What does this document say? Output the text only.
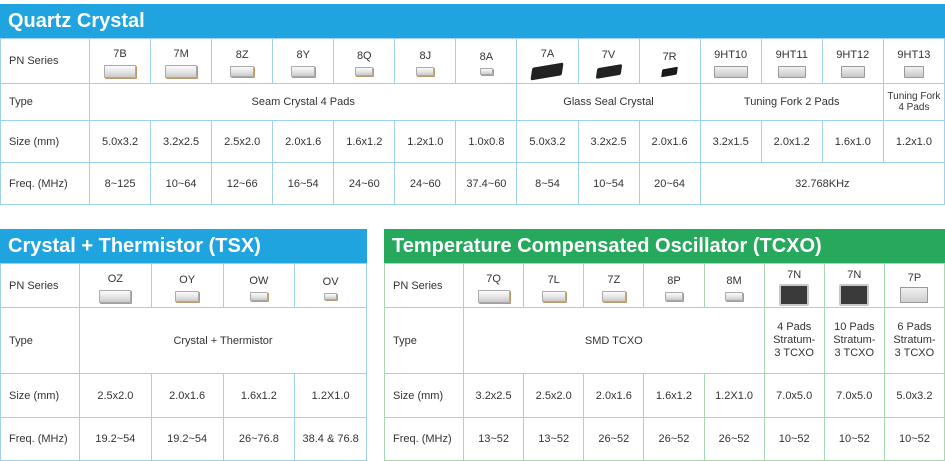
Quartz Crystal
PN Series	7B	7M	8Z	8Y	8Q	8J	8A	7A	7V	7R	9HT10	9HT11	9HT12	9HT13

Type	Seam Crystal 4 Pads							Glass Seal Crystal			Tuning Fork 2 Pads			Tuning Fork
4 Pads
Size (mm)	5.0x3.2	3.2x2.5	2.5x2.0	2.0x1.6	1.6x1.2	1.2x1.0	1.0x0.8	5.0x3.2	3.2x2.5	2.0x1.6	3.2x1.5	2.0x1.2	1.6x1.0	1.2x1.0
Freq. (MHz)	8~125	10~64	12~66	16~54	24~60	24~60	37.4~60	8~54	10~54	20~64	32.768KHz			
Crystal + Thermistor (TSX)
PN Series	OZ	OY	OW	OV

Type	Crystal + Thermistor			
Size (mm)	2.5x2.0	2.0x1.6	1.6x1.2	1.2X1.0
Freq. (MHz)	19.2~54	19.2~54	26~76.8	38.4 & 76.8
Temperature Compensated Oscillator (TCXO)
PN Series	7Q	7L	7Z	8P	8M	7N	7N	7P

Type	SMD TCXO					4 Pads
Stratum-
3 TCXO	10 Pads
Stratum-
3 TCXO	6 Pads
Stratum-
3 TCXO
Size (mm)	3.2x2.5	2.5x2.0	2.0x1.6	1.6x1.2	1.2X1.0	7.0x5.0	7.0x5.0	5.0x3.2
Freq. (MHz)	13~52	13~52	26~52	26~52	26~52	10~52	10~52	10~52
